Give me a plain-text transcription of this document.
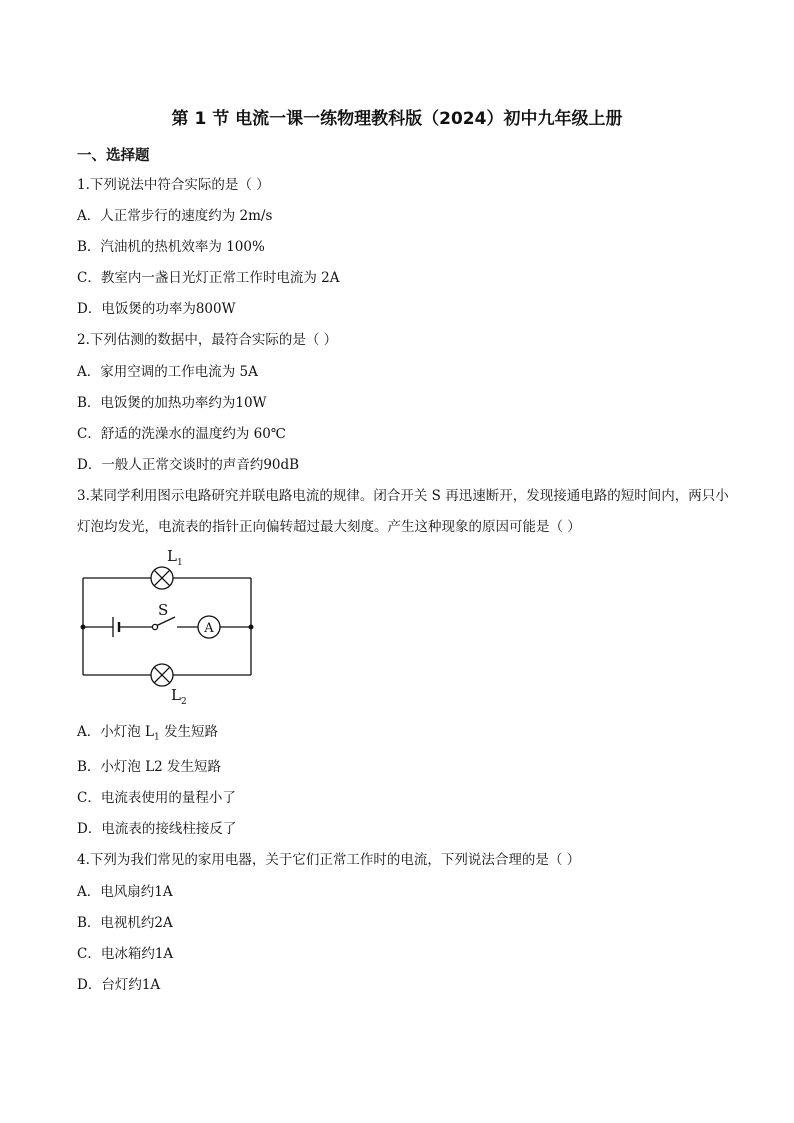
第 1 节 电流一课一练物理教科版（2024）初中九年级上册
一、选择题
1.下列说法中符合实际的是（ ）
A．人正常步行的速度约为 2m/s
B．汽油机的热机效率为 100%
C．教室内一盏日光灯正常工作时电流为 2A
D．电饭煲的功率为800W
2.下列估测的数据中，最符合实际的是（ ）
A．家用空调的工作电流为 5A
B．电饭煲的加热功率约为10W
C．舒适的洗澡水的温度约为 60℃
D．一般人正常交谈时的声音约90dB
3.某同学利用图示电路研究并联电路电流的规律。闭合开关 S 再迅速断开，发现接通电路的短时间内，两只小灯泡均发光，电流表的指针正向偏转超过最大刻度。产生这种现象的原因可能是（ ）
$L_1$
S
A
$L_2$
A．小灯泡 $L_1$ 发生短路
B．小灯泡 L2 发生短路
C．电流表使用的量程小了
D．电流表的接线柱接反了
4.下列为我们常见的家用电器，关于它们正常工作时的电流，下列说法合理的是（ ）
A．电风扇约1A
B．电视机约2A
C．电冰箱约1A
D．台灯约1A
